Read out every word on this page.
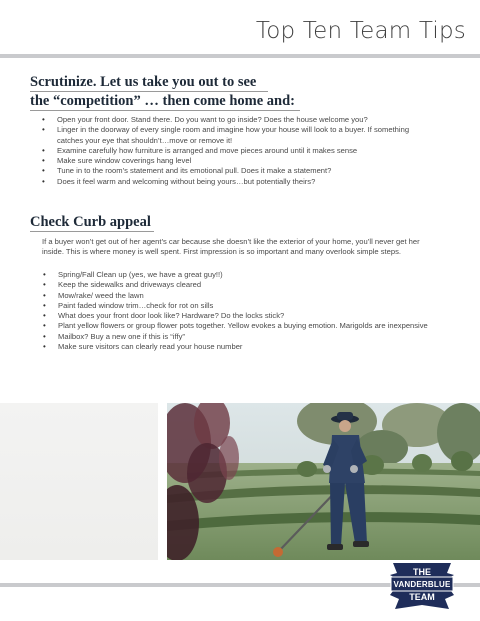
Top Ten Team Tips
Scrutinize. Let us take you out to see
the “competition” … then come home and:
• Open your front door. Stand there. Do you want to go inside? Does the house welcome you?
• Linger in the doorway of every single room and imagine how your house will look to a buyer. If something catches your eye that shouldn’t…move or remove it!
• Examine carefully how furniture is arranged and move pieces around until it makes sense
• Make sure window coverings hang level
• Tune in to the room’s statement and its emotional pull. Does it make a statement?
• Does it feel warm and welcoming without being yours…but potentially theirs?
Check Curb appeal
If a buyer won’t get out of her agent’s car because she doesn’t like the exterior of your home, you’ll never get her inside. This is where money is well spent. First impression is so important and many overlook simple steps.
• Spring/Fall Clean up (yes, we have a great guy!!)
• Keep the sidewalks and driveways cleared
• Mow/rake/ weed the lawn
• Paint faded window trim…check for rot on sills
• What does your front door look like? Hardware? Do the locks stick?
• Plant yellow flowers or group flower pots together. Yellow evokes a buying emotion. Marigolds are inexpensive
• Mailbox? Buy a new one if this is “iffy”
• Make sure visitors can clearly read your house number
THE
VANDERBLUE
TEAM
